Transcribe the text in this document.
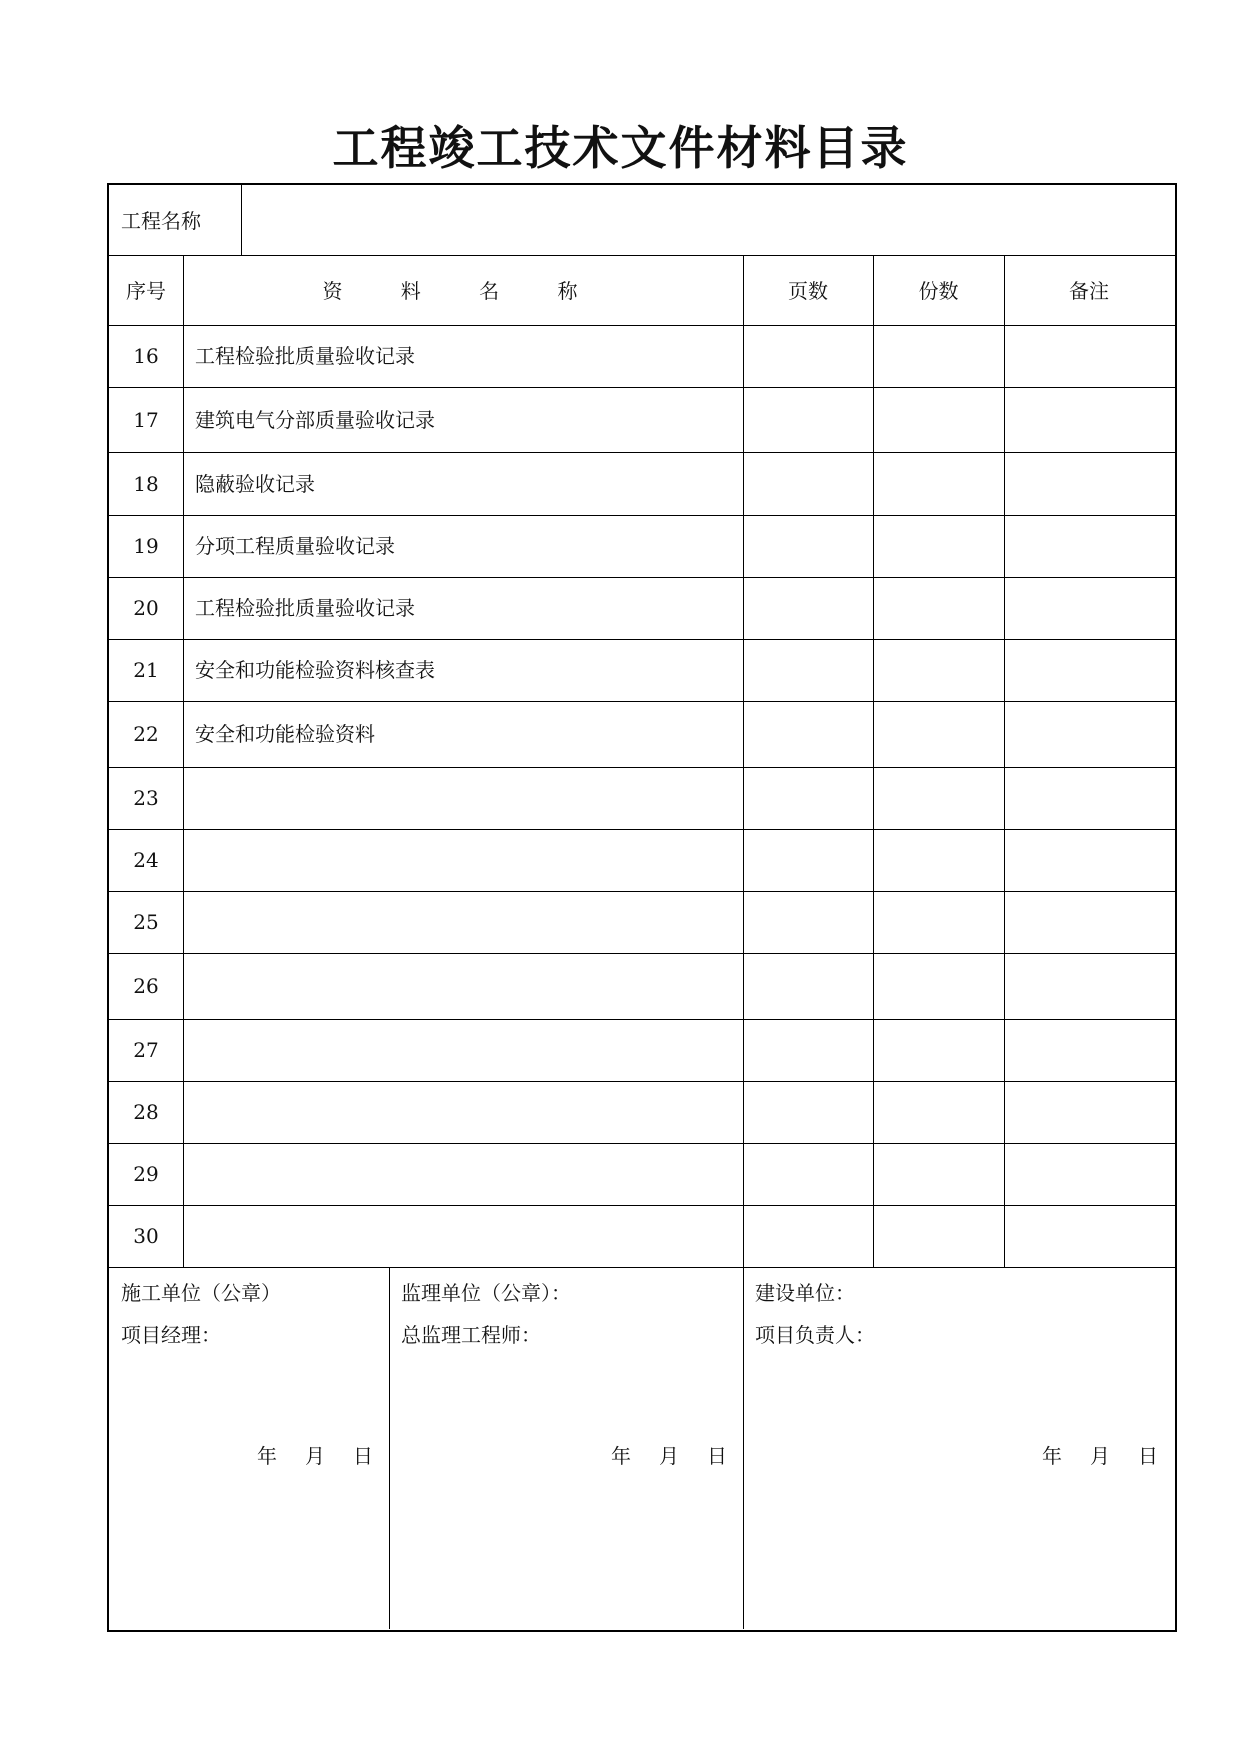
工程竣工技术文件材料目录
工程名称
序号	资 料 名 称	页数	份数	备注
16	工程检验批质量验收记录
17	建筑电气分部质量验收记录
18	隐蔽验收记录
19	分项工程质量验收记录
20	工程检验批质量验收记录
21	安全和功能检验资料核查表
22	安全和功能检验资料
23
24
25
26
27
28
29
30
施工单位（公章）
项目经理：
年 月 日
监理单位（公章）：
总监理工程师：
年 月 日
建设单位：
项目负责人：
年 月 日
